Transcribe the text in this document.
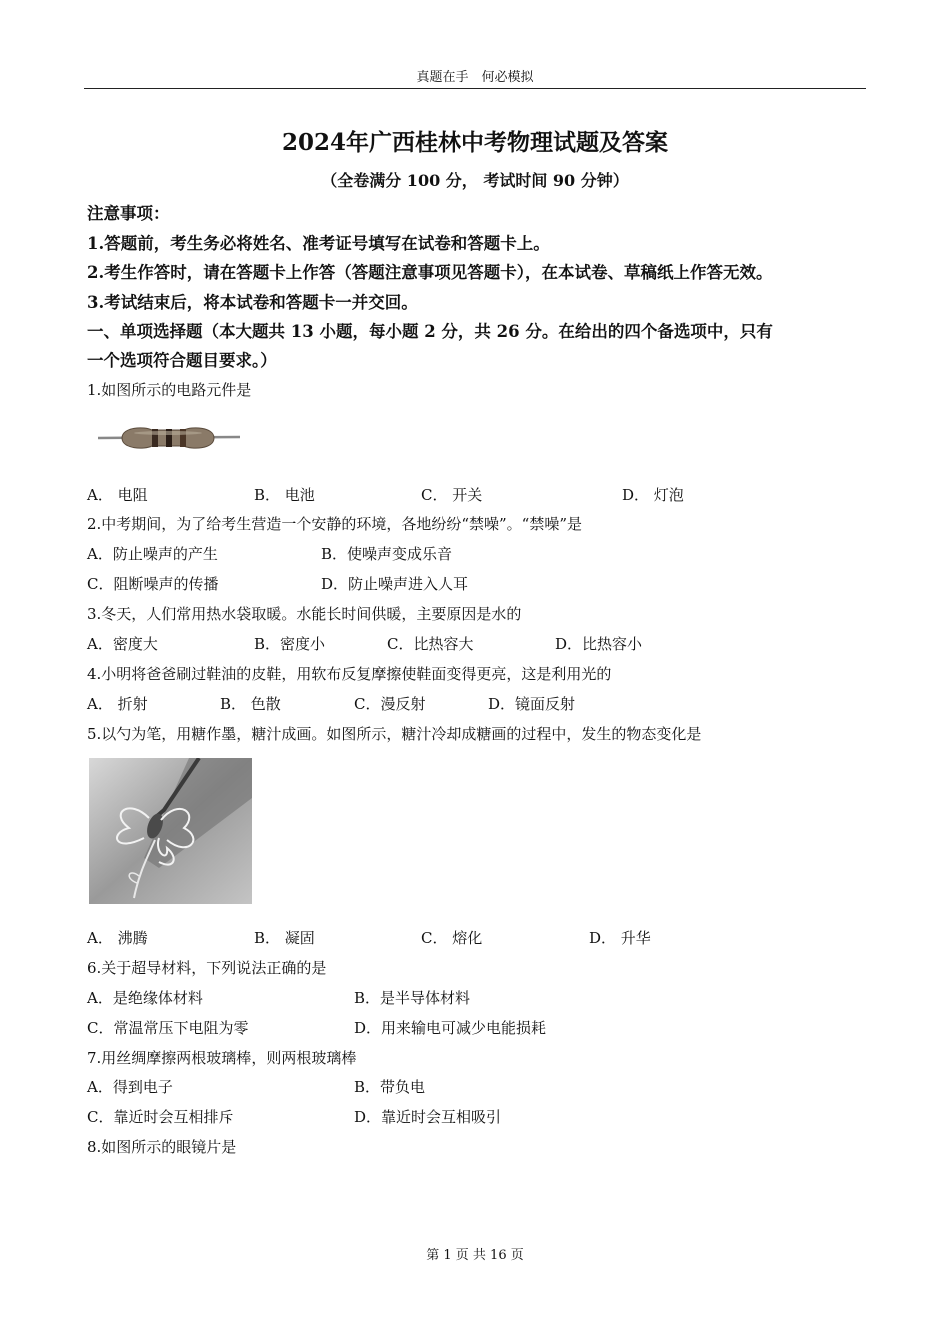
真题在手　何必模拟
2024年广西桂林中考物理试题及答案
（全卷满分 100 分， 考试时间 90 分钟）
注意事项：
1.答题前，考生务必将姓名、准考证号填写在试卷和答题卡上。
2.考生作答时，请在答题卡上作答（答题注意事项见答题卡），在本试卷、草稿纸上作答无效。
3.考试结束后，将本试卷和答题卡一并交回。
一、单项选择题（本大题共 13 小题，每小题 2 分，共 26 分。在给出的四个备选项中，只有
一个选项符合题目要求。）
1.如图所示的电路元件是
A． 电阻	B． 电池	C． 开关	D． 灯泡
2.中考期间，为了给考生营造一个安静的环境，各地纷纷“禁噪”。“禁噪”是
A．防止噪声的产生	B．使噪声变成乐音
C．阻断噪声的传播	D．防止噪声进入人耳
3.冬天，人们常用热水袋取暖。水能长时间供暖，主要原因是水的
A．密度大	B．密度小	C．比热容大	D．比热容小
4.小明将爸爸刷过鞋油的皮鞋，用软布反复摩擦使鞋面变得更亮，这是利用光的
A． 折射	B． 色散	C．漫反射	D．镜面反射
5.以勺为笔，用糖作墨，糖汁成画。如图所示，糖汁冷却成糖画的过程中，发生的物态变化是
A． 沸腾	B． 凝固	C． 熔化	D． 升华
6.关于超导材料，下列说法正确的是
A．是绝缘体材料	B．是半导体材料
C．常温常压下电阻为零	D．用来输电可减少电能损耗
7.用丝绸摩擦两根玻璃棒，则两根玻璃棒
A．得到电子	B．带负电
C．靠近时会互相排斥	D．靠近时会互相吸引
8.如图所示的眼镜片是
第 1 页 共 16 页
